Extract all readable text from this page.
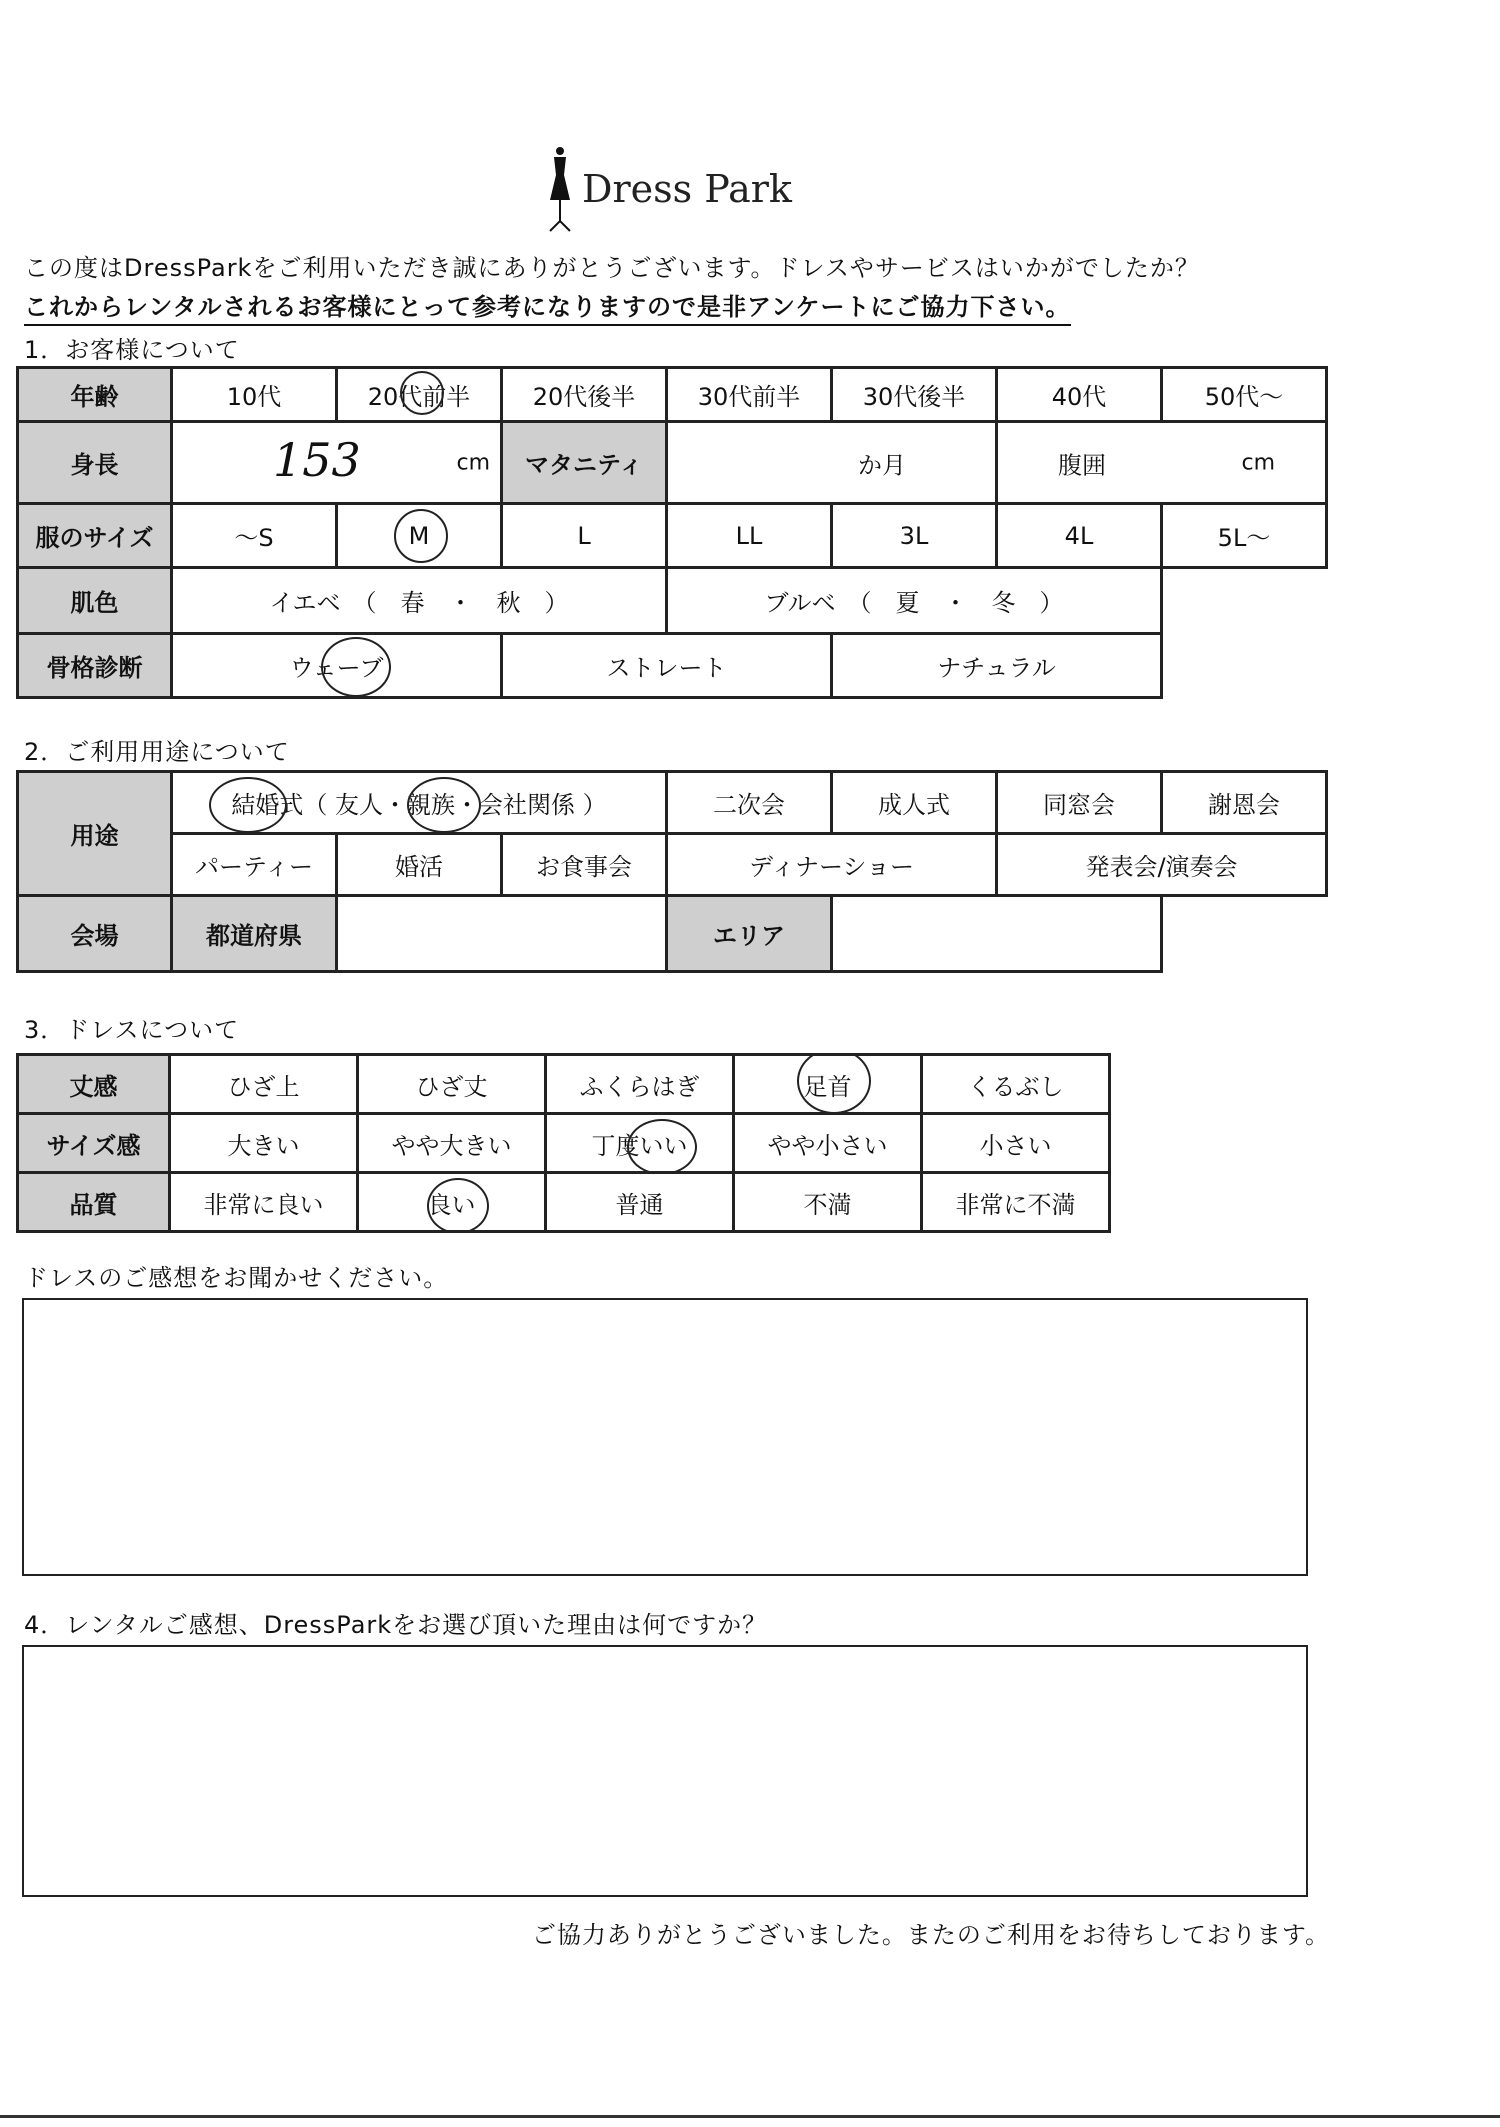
Dress Park
この度はDressParkをご利用いただき誠にありがとうございます。ドレスやサービスはいかがでしたか？
これからレンタルされるお客様にとって参考になりますので是非アンケートにご協力下さい。
1．お客様について
年齢	10代	20代前半	20代後半	30代前半	30代後半	40代	50代～
身長	153 cm		マタニティ	か月		腹囲 cm	

服のサイズ	～S	M	L	LL	3L	4L	5L～
肌色	イエベ　（　春　・　秋　）			ブルベ　（　夏　・　冬　）			
骨格診断	ウェーブ		ストレート		ナチュラル		
2．ご利用用途について
用途	結婚式（ 友人・親族・会社関係 ）			二次会	成人式	同窓会	謝恩会
	パーティー	婚活	お食事会	ディナーショー		発表会/演奏会	
会場	都道府県			エリア			
3．ドレスについて
丈感	ひざ上	ひざ丈	ふくらはぎ	足首	くるぶし
サイズ感	大きい	やや大きい	丁度いい	やや小さい	小さい
品質	非常に良い	良い	普通	不満	非常に不満
ドレスのご感想をお聞かせください。
4．レンタルご感想、DressParkをお選び頂いた理由は何ですか？
ご協力ありがとうございました。またのご利用をお待ちしております。
